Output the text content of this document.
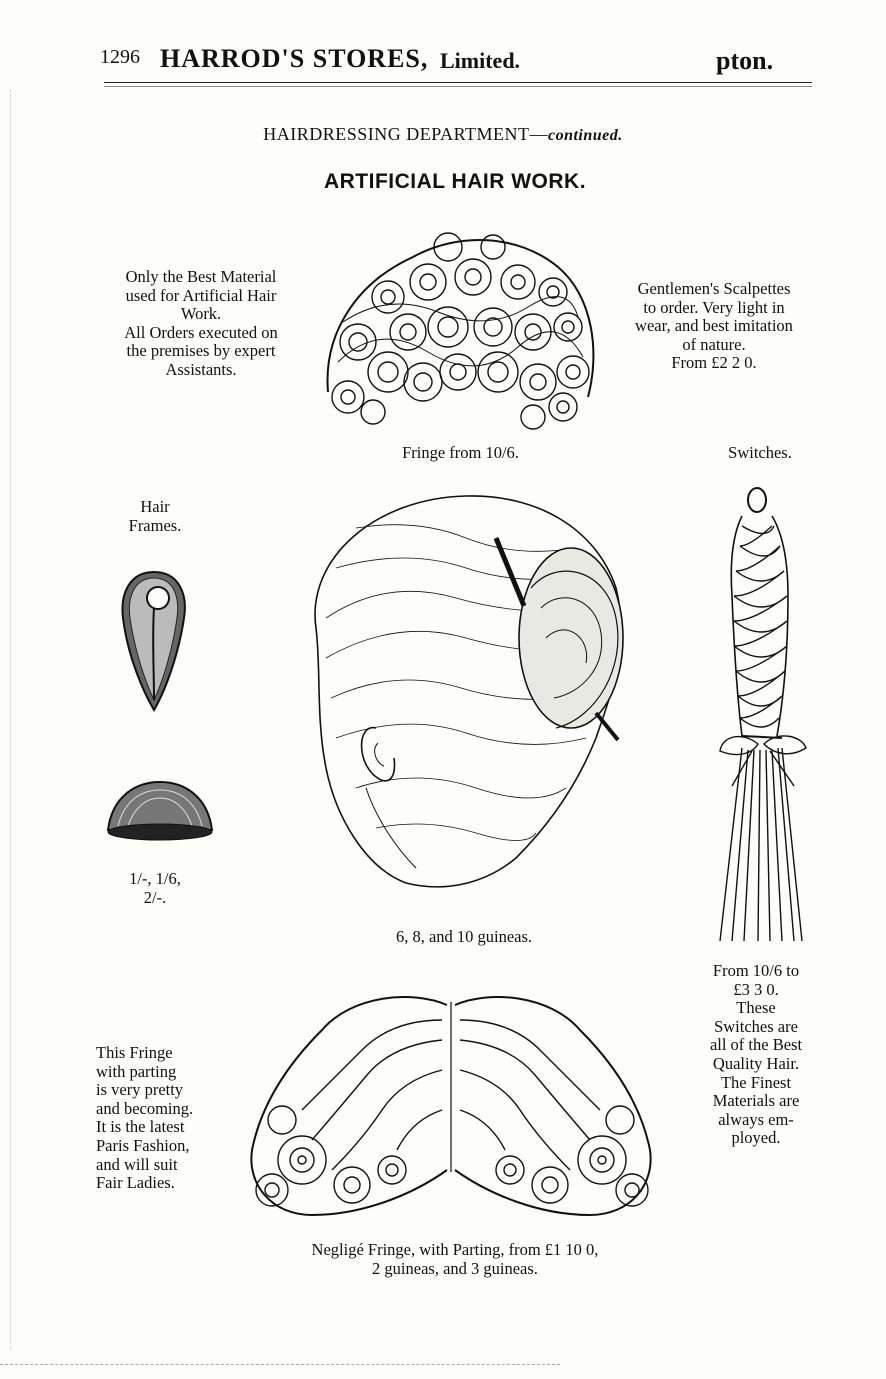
1296 HARROD'S STORES, Limited.	pton.
HAIRDRESSING DEPARTMENT—continued.
ARTIFICIAL HAIR WORK.
Only the Best Material
used for Artificial Hair
Work.
All Orders executed on
the premises by expert
Assistants.
Fringe from 10/6.
Gentlemen's Scalpettes
to order. Very light in
wear, and best imitation
of nature.
From £2 2 0.
Switches.
Hair
Frames.
1/-, 1/6,
2/-.
6, 8, and 10 guineas.
From 10/6 to
£3 3 0.
These
Switches are
all of the Best
Quality Hair.
The Finest
Materials are
always em-
ployed.
This Fringe
with parting
is very pretty
and becoming.
It is the latest
Paris Fashion,
and will suit
Fair Ladies.
Negligé Fringe, with Parting, from £1 10 0,
2 guineas, and 3 guineas.
